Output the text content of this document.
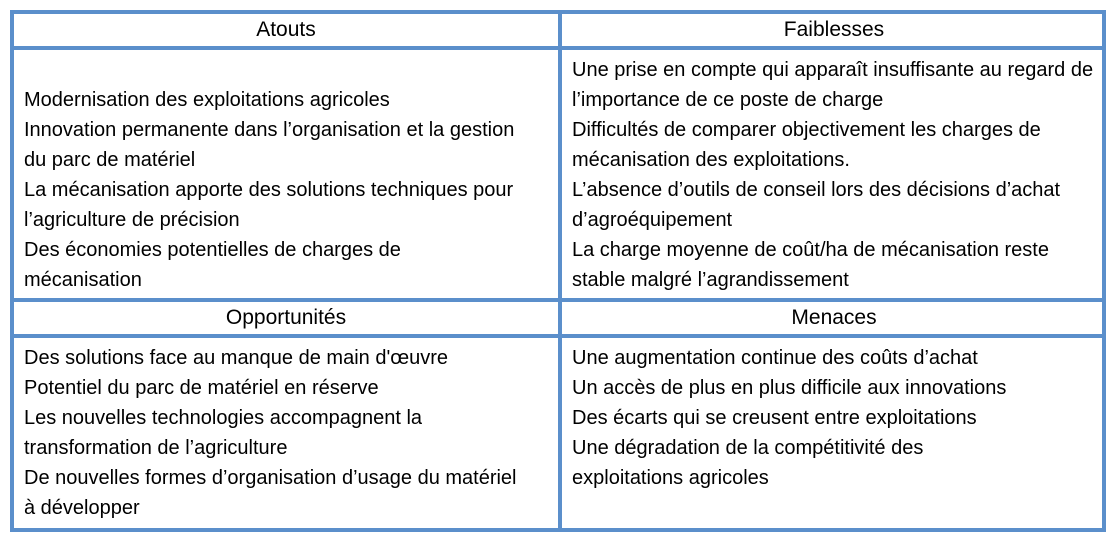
Atouts	Faiblesses
Opportunités	Menaces
Modernisation des exploitations agricoles
Innovation permanente dans l’organisation et la gestion du parc de matériel
La mécanisation apporte des solutions techniques pour l’agriculture de précision
Des économies potentielles de charges de mécanisation
Une prise en compte qui apparaît insuffisante au regard de l’importance de ce poste de charge
Difficultés de comparer objectivement les charges de mécanisation des exploitations.
L’absence d’outils de conseil lors des décisions d’achat d’agroéquipement
La charge moyenne de coût/ha de mécanisation reste stable malgré l’agrandissement
Des solutions face au manque de main d'œuvre
Potentiel du parc de matériel en réserve
Les nouvelles technologies accompagnent la transformation de l’agriculture
De nouvelles formes d’organisation d’usage du matériel à développer
Une augmentation continue des coûts d’achat
Un accès de plus en plus difficile aux innovations
Des écarts qui se creusent entre exploitations
Une dégradation de la compétitivité des exploitations agricoles
